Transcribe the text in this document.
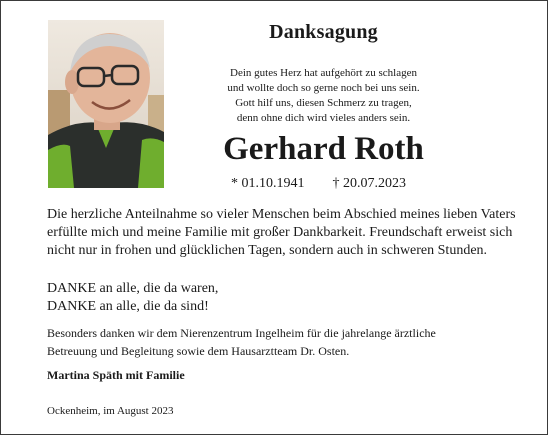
Danksagung
Dein gutes Herz hat aufgehört zu schlagen
und wollte doch so gerne noch bei uns sein.
Gott hilf uns, diesen Schmerz zu tragen,
denn ohne dich wird vieles anders sein.
Gerhard Roth
* 01.10.1941 † 20.07.2023
Die herzliche Anteilnahme so vieler Menschen beim Abschied meines lieben Vaters erfüllte mich und meine Familie mit großer Dankbarkeit. Freundschaft erweist sich nicht nur in frohen und glücklichen Tagen, sondern auch in schweren Stunden.
DANKE an alle, die da waren,
DANKE an alle, die da sind!
Besonders danken wir dem Nierenzentrum Ingelheim für die jahrelange ärztliche
Betreuung und Begleitung sowie dem Hausarztteam Dr. Osten.
Martina Späth mit Familie
Ockenheim, im August 2023
